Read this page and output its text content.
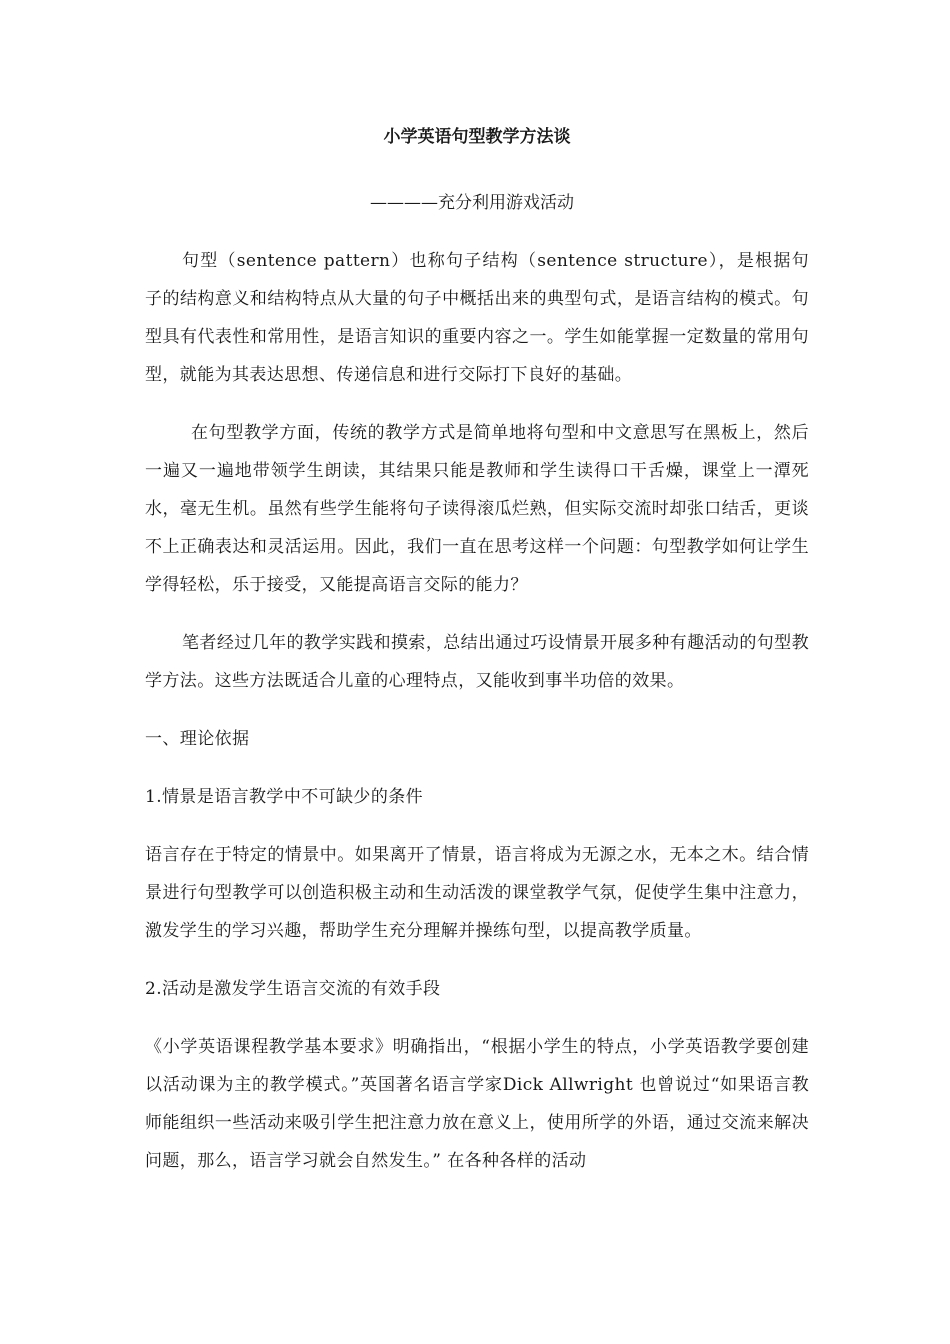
小学英语句型教学方法谈
————充分利用游戏活动

句型（sentence pattern）也称句子结构（sentence structure），是根据句子的结构意义和结构特点从大量的句子中概括出来的典型句式，是语言结构的模式。句型具有代表性和常用性，是语言知识的重要内容之一。学生如能掌握一定数量的常用句型，就能为其表达思想、传递信息和进行交际打下良好的基础。

在句型教学方面，传统的教学方式是简单地将句型和中文意思写在黑板上，然后一遍又一遍地带领学生朗读，其结果只能是教师和学生读得口干舌燥，课堂上一潭死水，毫无生机。虽然有些学生能将句子读得滚瓜烂熟，但实际交流时却张口结舌，更谈不上正确表达和灵活运用。因此，我们一直在思考这样一个问题：句型教学如何让学生学得轻松，乐于接受，又能提高语言交际的能力？

笔者经过几年的教学实践和摸索，总结出通过巧设情景开展多种有趣活动的句型教学方法。这些方法既适合儿童的心理特点，又能收到事半功倍的效果。

一、理论依据

1.情景是语言教学中不可缺少的条件

语言存在于特定的情景中。如果离开了情景，语言将成为无源之水，无本之木。结合情景进行句型教学可以创造积极主动和生动活泼的课堂教学气氛，促使学生集中注意力，激发学生的学习兴趣，帮助学生充分理解并操练句型，以提高教学质量。

2.活动是激发学生语言交流的有效手段

《小学英语课程教学基本要求》明确指出，“根据小学生的特点，小学英语教学要创建以活动课为主的教学模式。”英国著名语言学家Dick Allwright 也曾说过“如果语言教师能组织一些活动来吸引学生把注意力放在意义上，使用所学的外语，通过交流来解决问题，那么，语言学习就会自然发生。” 在各种各样的活动
